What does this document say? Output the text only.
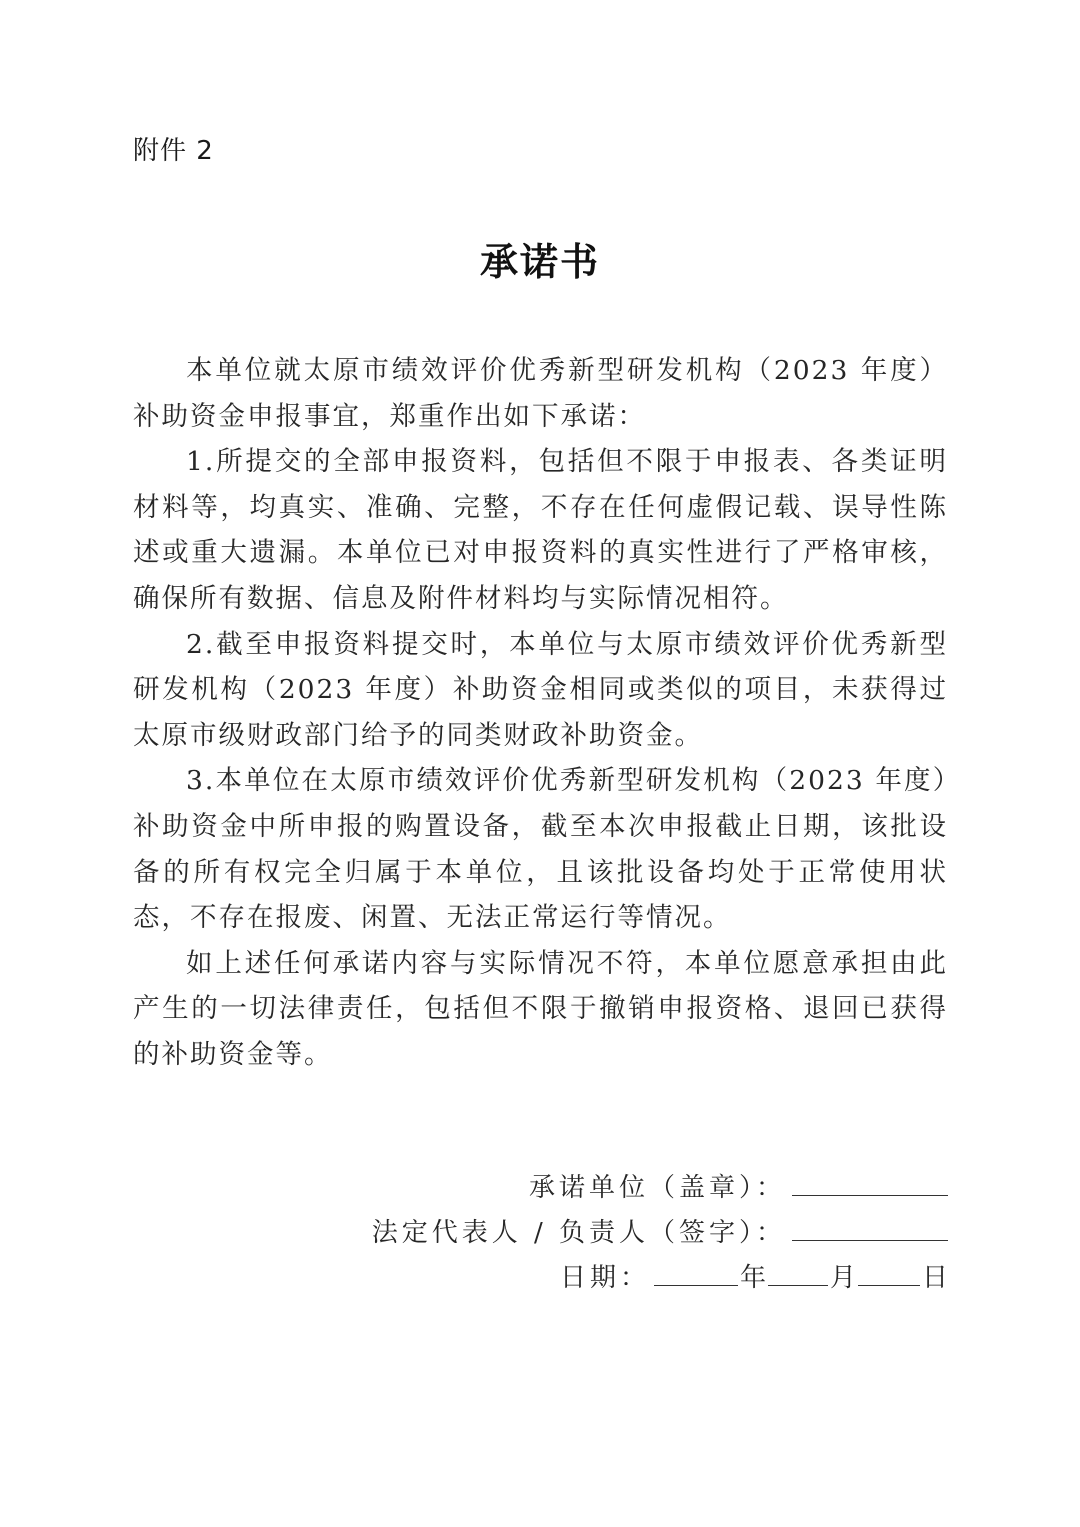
附件 2
承诺书

本单位就太原市绩效评价优秀新型研发机构（2023 年度）补助资金申报事宜，郑重作出如下承诺：

1.所提交的全部申报资料，包括但不限于申报表、各类证明材料等，均真实、准确、完整，不存在任何虚假记载、误导性陈述或重大遗漏。本单位已对申报资料的真实性进行了严格审核，确保所有数据、信息及附件材料均与实际情况相符。

2.截至申报资料提交时，本单位与太原市绩效评价优秀新型研发机构（2023 年度）补助资金相同或类似的项目，未获得过太原市级财政部门给予的同类财政补助资金。

3.本单位在太原市绩效评价优秀新型研发机构（2023 年度）补助资金中所申报的购置设备，截至本次申报截止日期，该批设备的所有权完全归属于本单位，且该批设备均处于正常使用状态，不存在报废、闲置、无法正常运行等情况。

如上述任何承诺内容与实际情况不符，本单位愿意承担由此产生的一切法律责任，包括但不限于撤销申报资格、退回已获得的补助资金等。

承诺单位（盖章）：
法定代表人 / 负责人（签字）：
日期：	年 月	日
